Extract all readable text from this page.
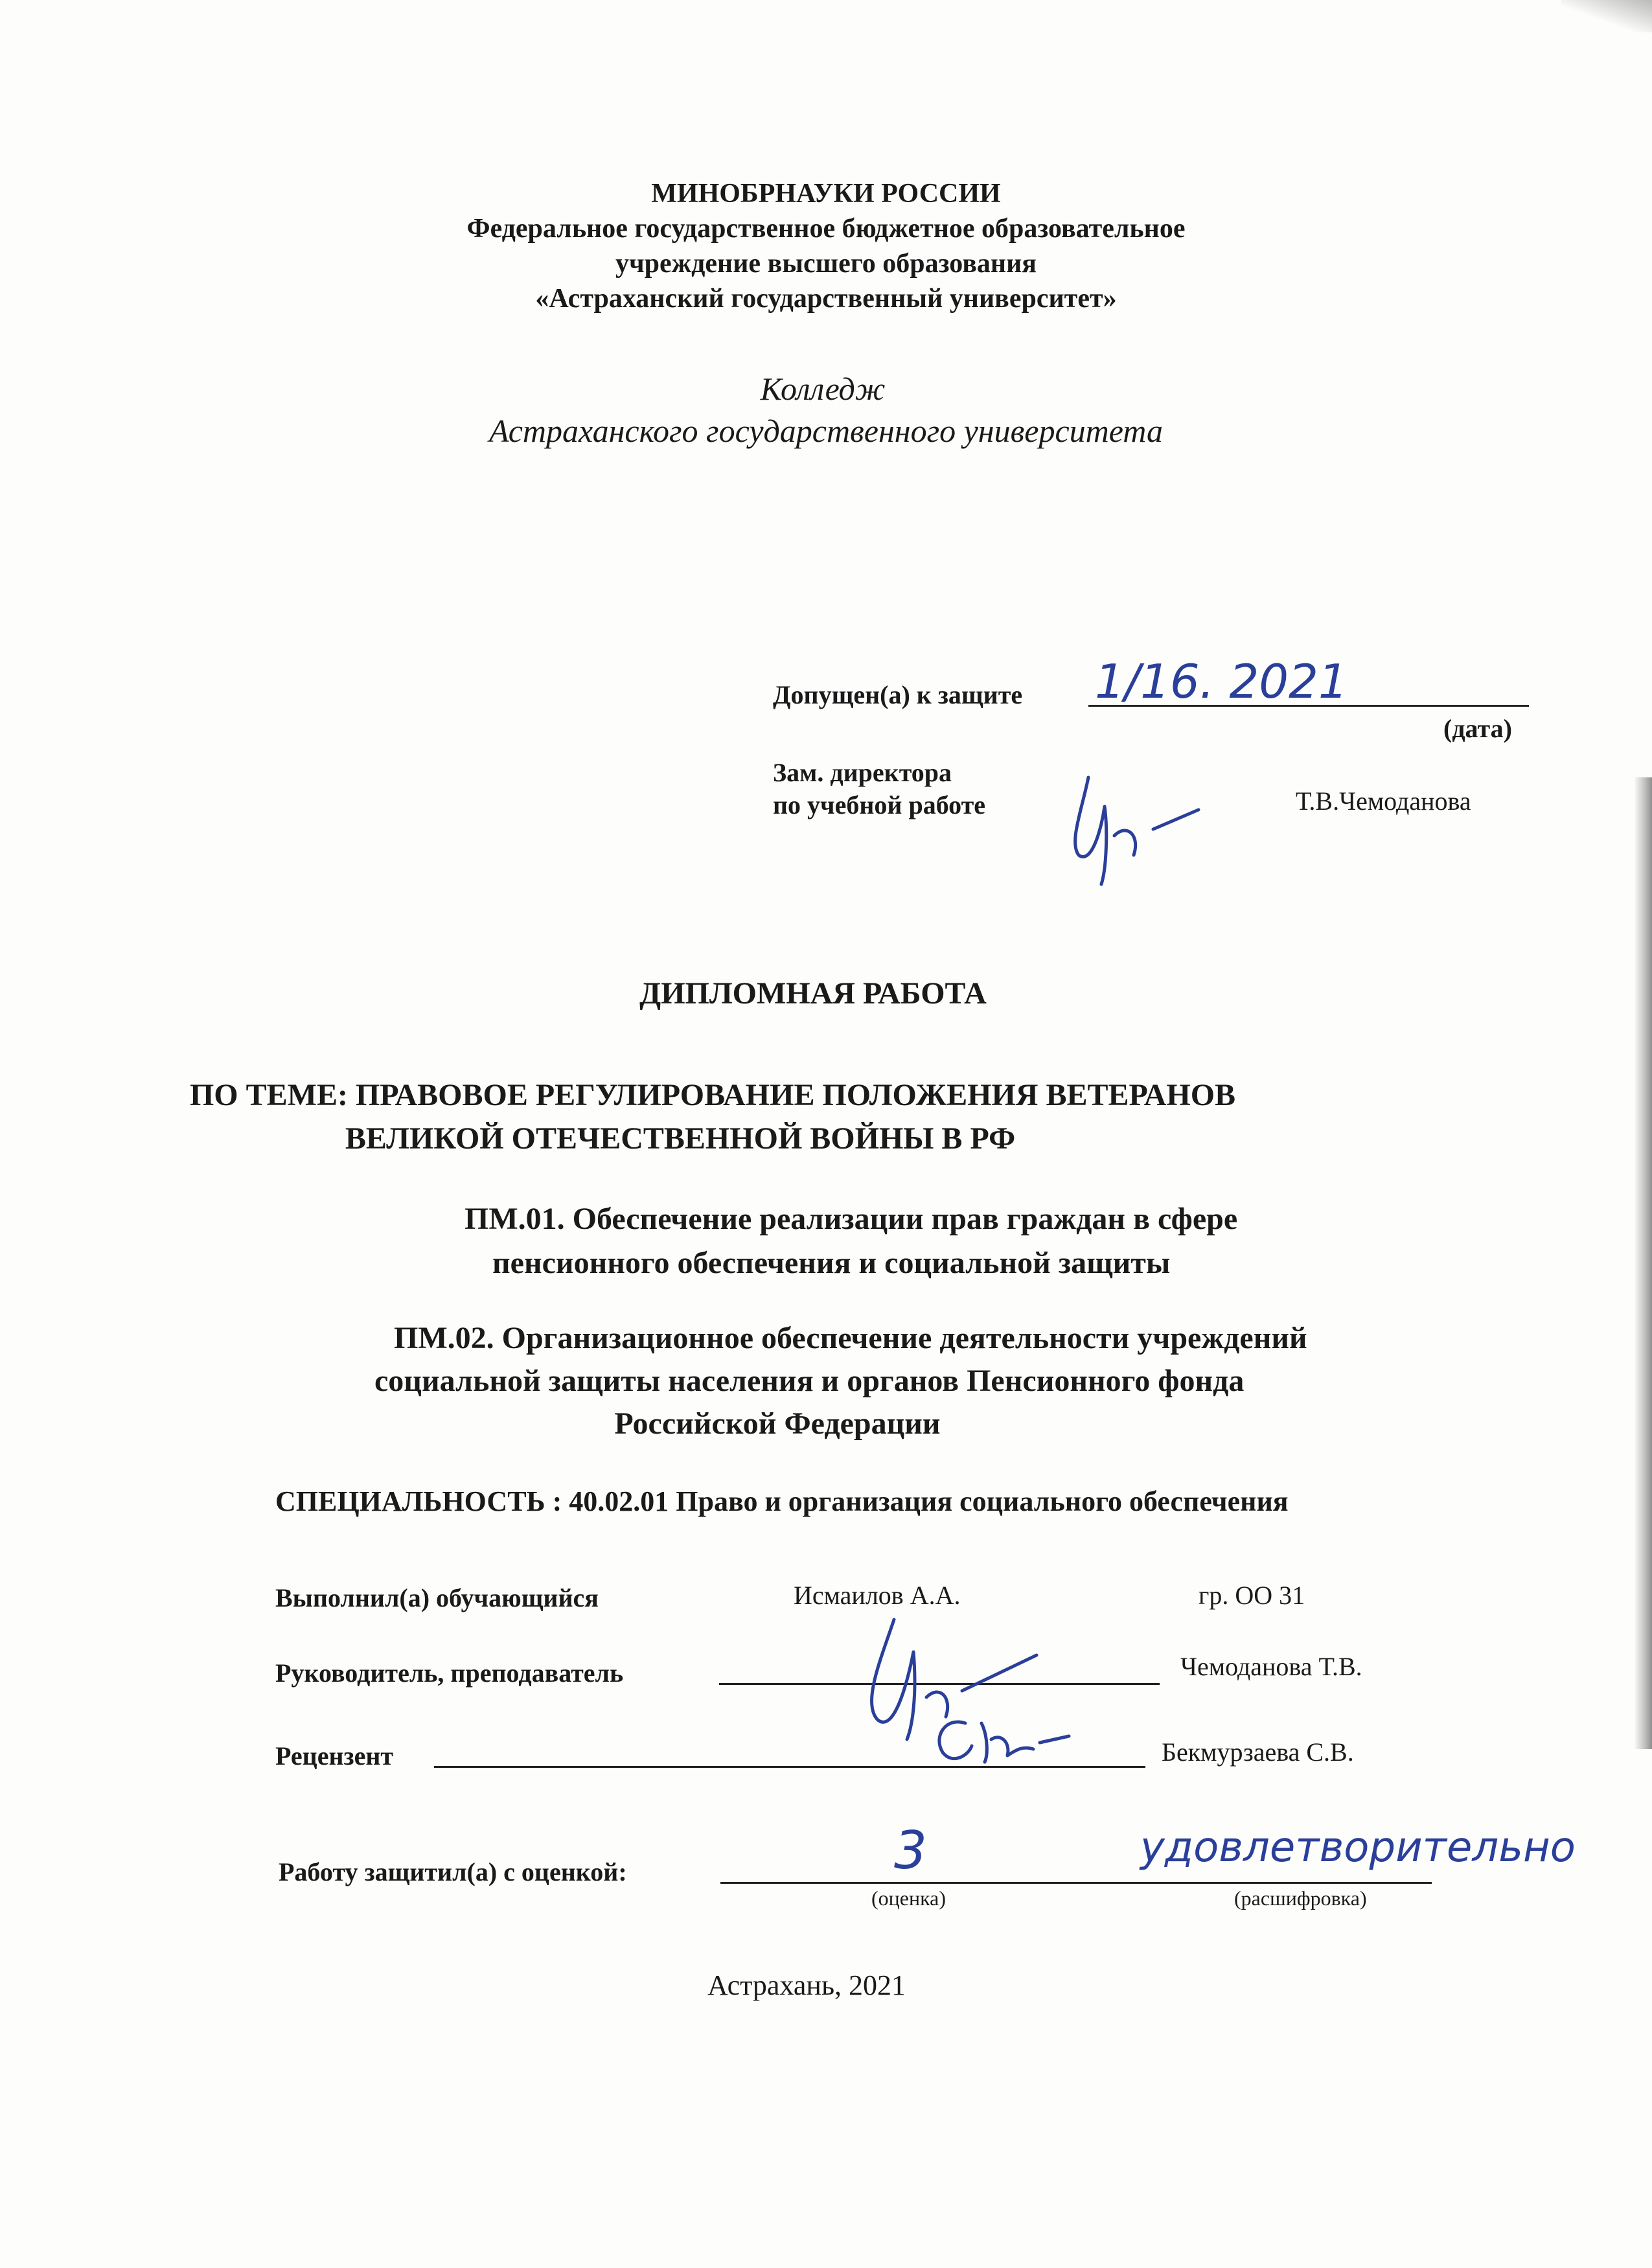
МИНОБРНАУКИ РОССИИ
Федеральное государственное бюджетное образовательное
учреждение высшего образования
«Астраханский государственный университет»
Колледж
Астраханского государственного университета
Допущен(а) к защите 1/16. 2021
(дата)
Зам. директора
по учебной работе	Т.В.Чемоданова
ДИПЛОМНАЯ РАБОТА
ПО ТЕМЕ: ПРАВОВОЕ РЕГУЛИРОВАНИЕ ПОЛОЖЕНИЯ ВЕТЕРАНОВ
ВЕЛИКОЙ ОТЕЧЕСТВЕННОЙ ВОЙНЫ В РФ
ПМ.01. Обеспечение реализации прав граждан в сфере
пенсионного обеспечения и социальной защиты
ПМ.02. Организационное обеспечение деятельности учреждений
социальной защиты населения и органов Пенсионного фонда
Российской Федерации
СПЕЦИАЛЬНОСТЬ : 40.02.01 Право и организация социального обеспечения
Выполнил(а) обучающийся	Исмаилов А.А.	гр. ОО 31
Руководитель, преподаватель	Чемоданова Т.В.
Рецензент	Бекмурзаева С.В.
Работу защитил(а) с оценкой:	3
(оценка)
удовлетворительно
(расшифровка)
Астрахань, 2021
